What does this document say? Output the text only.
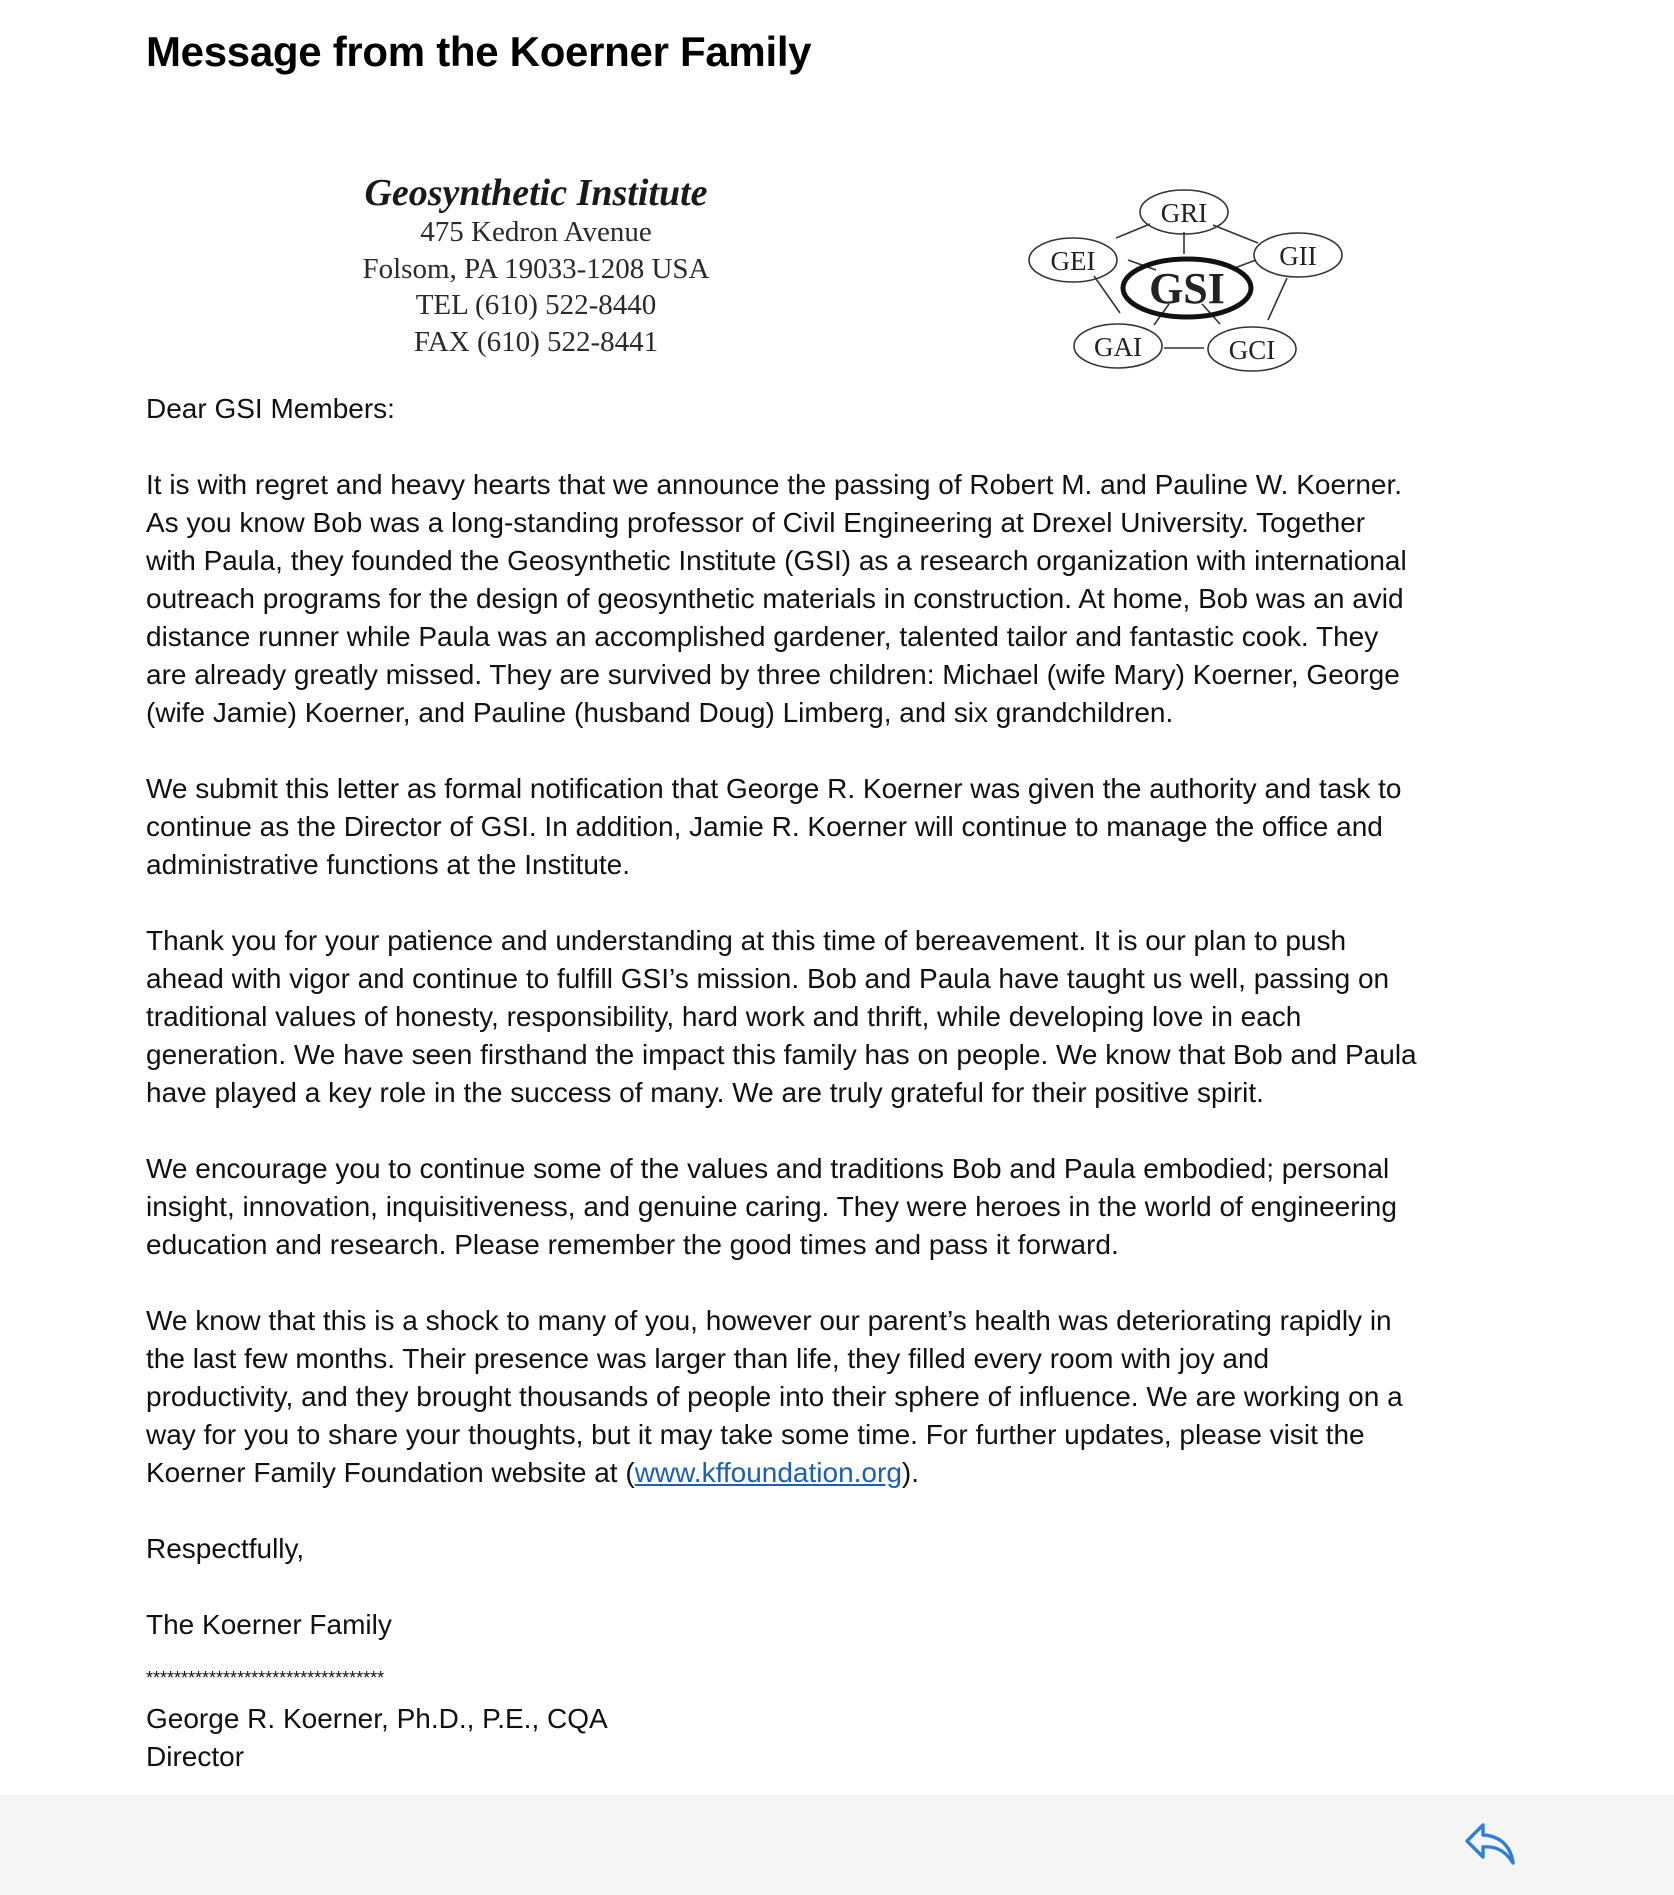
Message from the Koerner Family
Geosynthetic Institute
475 Kedron Avenue
Folsom, PA 19033-1208 USA
TEL (610) 522-8440
FAX (610) 522-8441
GSI
GRI
GII
GCI
GAI
GEI

Dear GSI Members:

It is with regret and heavy hearts that we announce the passing of Robert M. and Pauline W. Koerner.
As you know Bob was a long-standing professor of Civil Engineering at Drexel University. Together
with Paula, they founded the Geosynthetic Institute (GSI) as a research organization with international
outreach programs for the design of geosynthetic materials in construction. At home, Bob was an avid
distance runner while Paula was an accomplished gardener, talented tailor and fantastic cook. They
are already greatly missed. They are survived by three children: Michael (wife Mary) Koerner, George
(wife Jamie) Koerner, and Pauline (husband Doug) Limberg, and six grandchildren.

We submit this letter as formal notification that George R. Koerner was given the authority and task to
continue as the Director of GSI. In addition, Jamie R. Koerner will continue to manage the office and
administrative functions at the Institute.

Thank you for your patience and understanding at this time of bereavement. It is our plan to push
ahead with vigor and continue to fulfill GSI’s mission. Bob and Paula have taught us well, passing on
traditional values of honesty, responsibility, hard work and thrift, while developing love in each
generation. We have seen firsthand the impact this family has on people. We know that Bob and Paula
have played a key role in the success of many. We are truly grateful for their positive spirit.

We encourage you to continue some of the values and traditions Bob and Paula embodied; personal
insight, innovation, inquisitiveness, and genuine caring. They were heroes in the world of engineering
education and research. Please remember the good times and pass it forward.

We know that this is a shock to many of you, however our parent’s health was deteriorating rapidly in
the last few months. Their presence was larger than life, they filled every room with joy and
productivity, and they brought thousands of people into their sphere of influence. We are working on a
way for you to share your thoughts, but it may take some time. For further updates, please visit the
Koerner Family Foundation website at (www.kffoundation.org).

Respectfully,

The Koerner Family

**********************************

George R. Koerner, Ph.D., P.E., CQA

Director
